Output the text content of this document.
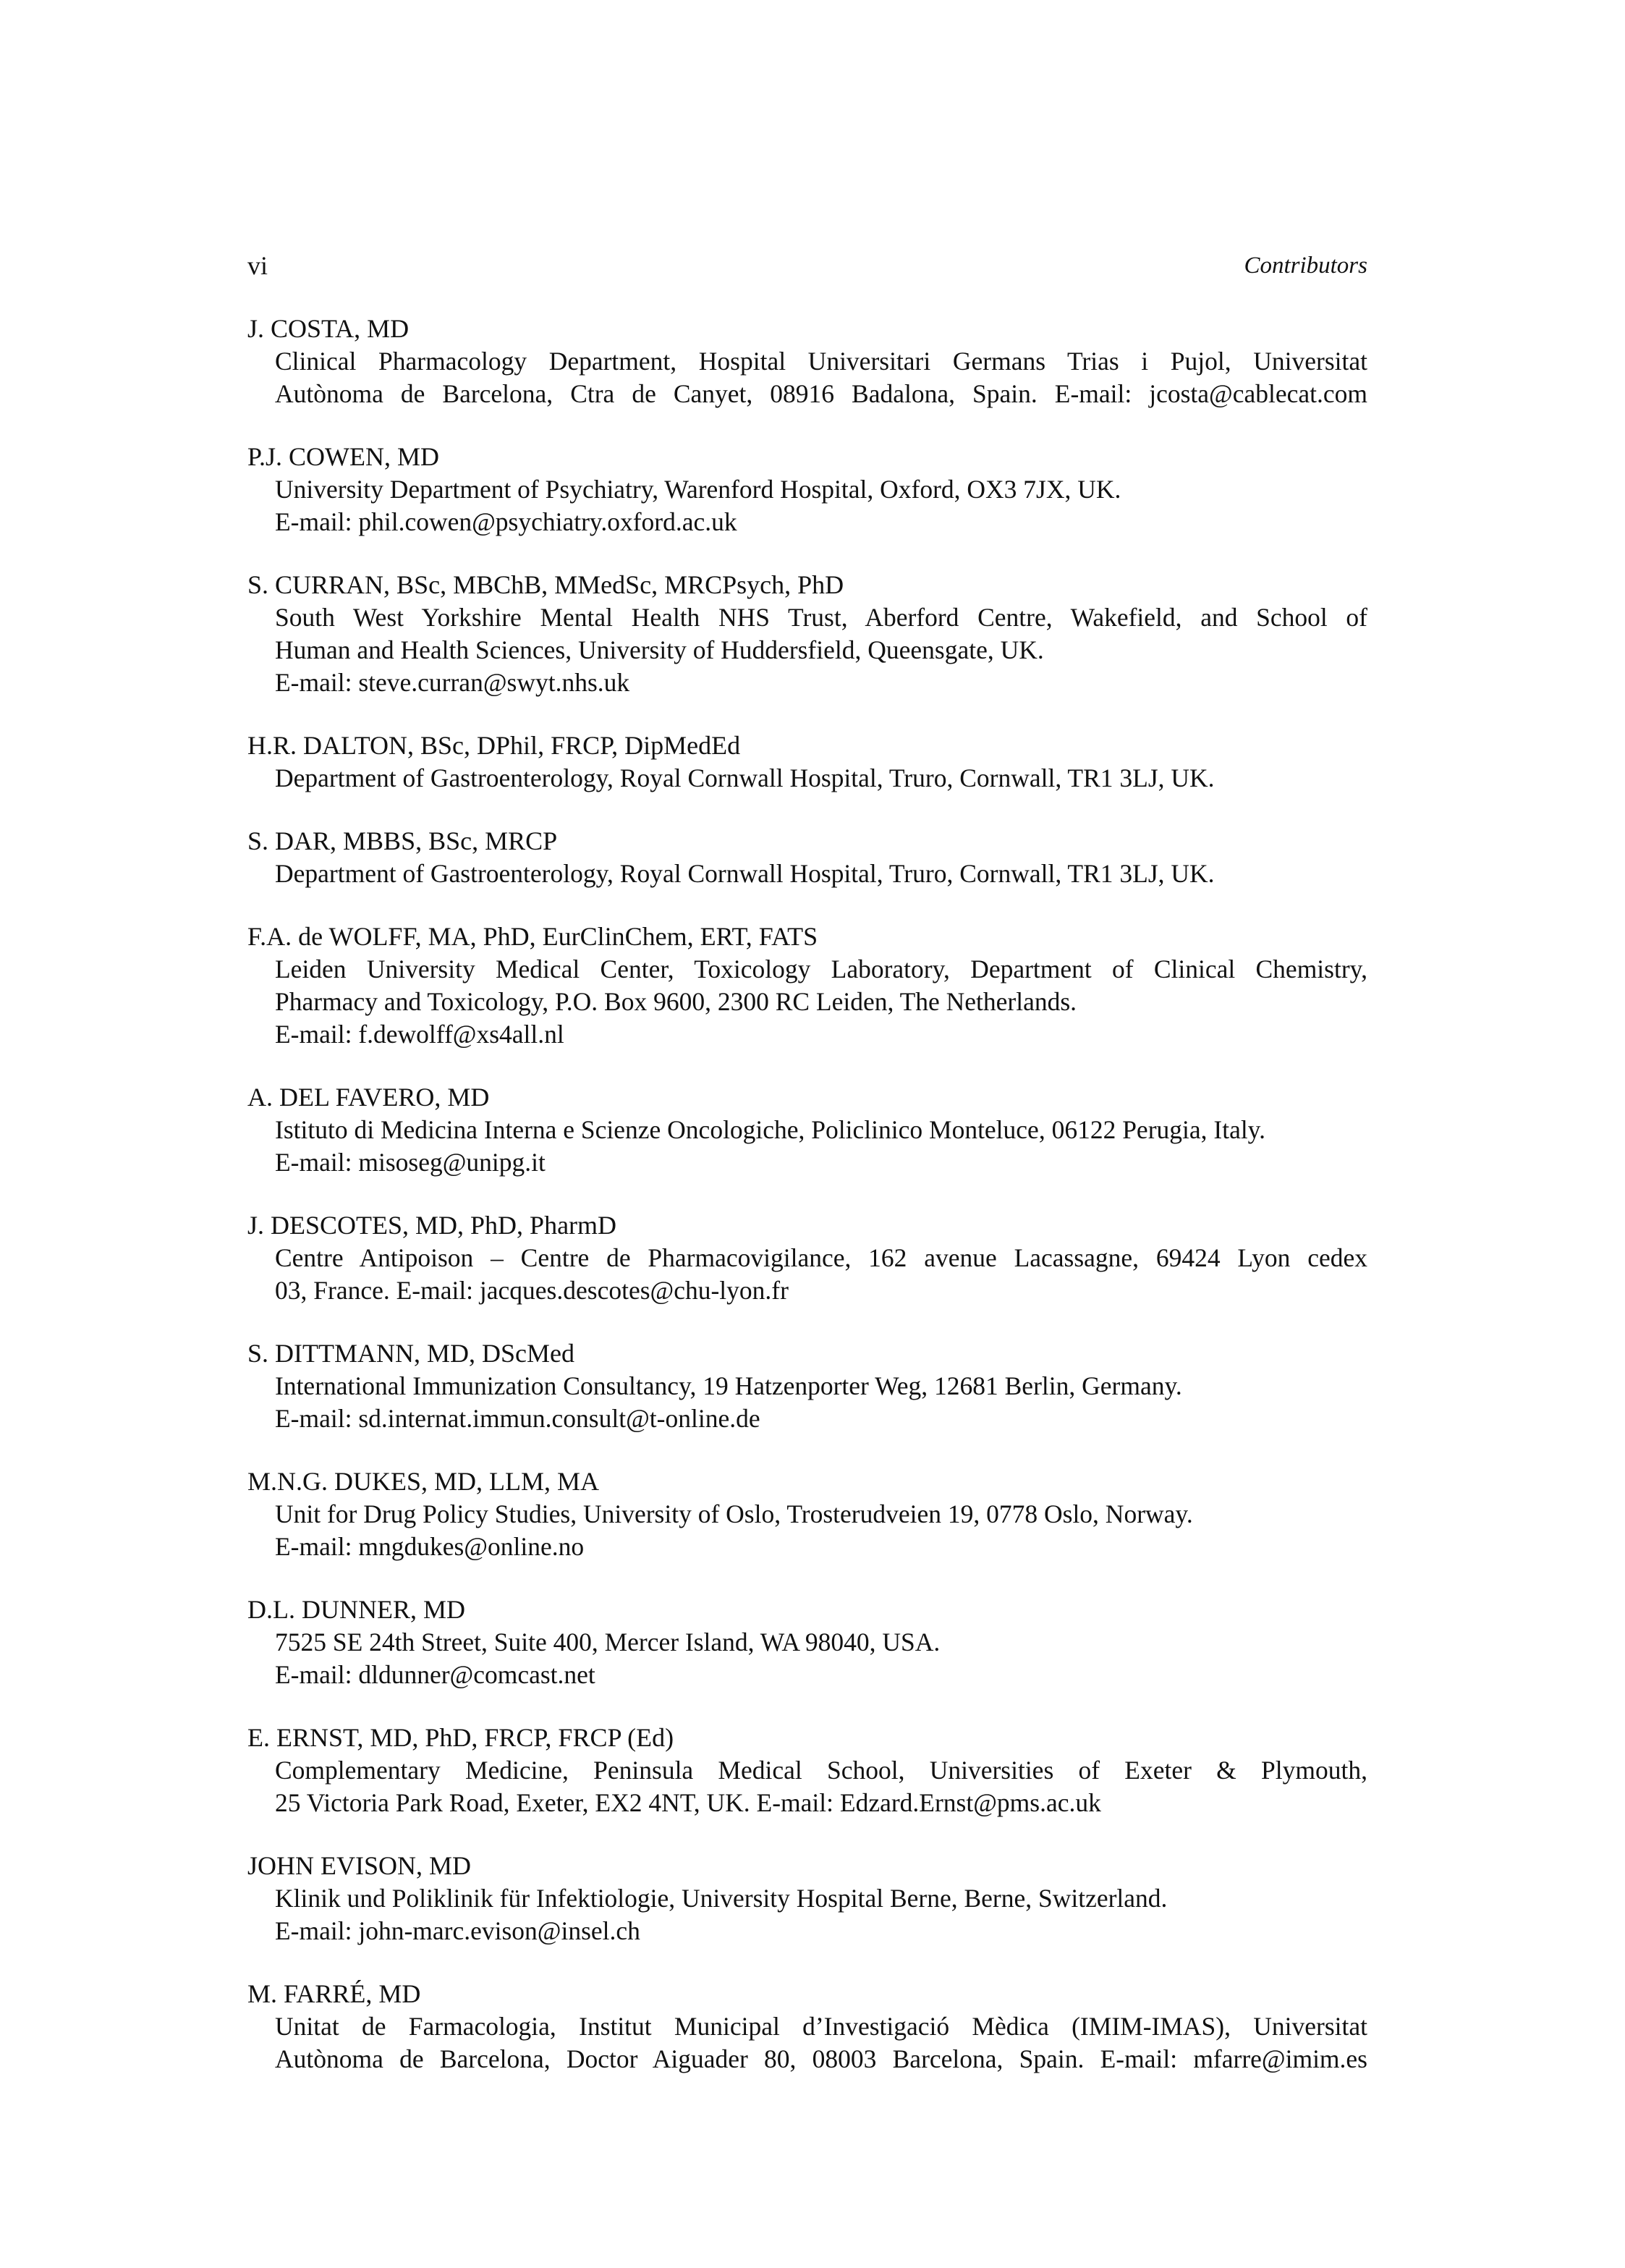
vi	Contributors
J. COSTA, MD
Clinical Pharmacology Department, Hospital Universitari Germans Trias i Pujol, Universitat
Autònoma de Barcelona, Ctra de Canyet, 08916 Badalona, Spain. E-mail: jcosta@cablecat.com
P.J. COWEN, MD
University Department of Psychiatry, Warenford Hospital, Oxford, OX3 7JX, UK.
E-mail: phil.cowen@psychiatry.oxford.ac.uk
S. CURRAN, BSc, MBChB, MMedSc, MRCPsych, PhD
South West Yorkshire Mental Health NHS Trust, Aberford Centre, Wakefield, and School of
Human and Health Sciences, University of Huddersfield, Queensgate, UK.
E-mail: steve.curran@swyt.nhs.uk
H.R. DALTON, BSc, DPhil, FRCP, DipMedEd
Department of Gastroenterology, Royal Cornwall Hospital, Truro, Cornwall, TR1 3LJ, UK.
S. DAR, MBBS, BSc, MRCP
Department of Gastroenterology, Royal Cornwall Hospital, Truro, Cornwall, TR1 3LJ, UK.
F.A. de WOLFF, MA, PhD, EurClinChem, ERT, FATS
Leiden University Medical Center, Toxicology Laboratory, Department of Clinical Chemistry,
Pharmacy and Toxicology, P.O. Box 9600, 2300 RC Leiden, The Netherlands.
E-mail: f.dewolff@xs4all.nl
A. DEL FAVERO, MD
Istituto di Medicina Interna e Scienze Oncologiche, Policlinico Monteluce, 06122 Perugia, Italy.
E-mail: misoseg@unipg.it
J. DESCOTES, MD, PhD, PharmD
Centre Antipoison – Centre de Pharmacovigilance, 162 avenue Lacassagne, 69424 Lyon cedex
03, France. E-mail: jacques.descotes@chu-lyon.fr
S. DITTMANN, MD, DScMed
International Immunization Consultancy, 19 Hatzenporter Weg, 12681 Berlin, Germany.
E-mail: sd.internat.immun.consult@t-online.de
M.N.G. DUKES, MD, LLM, MA
Unit for Drug Policy Studies, University of Oslo, Trosterudveien 19, 0778 Oslo, Norway.
E-mail: mngdukes@online.no
D.L. DUNNER, MD
7525 SE 24th Street, Suite 400, Mercer Island, WA 98040, USA.
E-mail: dldunner@comcast.net
E. ERNST, MD, PhD, FRCP, FRCP (Ed)
Complementary Medicine, Peninsula Medical School, Universities of Exeter & Plymouth,
25 Victoria Park Road, Exeter, EX2 4NT, UK. E-mail: Edzard.Ernst@pms.ac.uk
JOHN EVISON, MD
Klinik und Poliklinik für Infektiologie, University Hospital Berne, Berne, Switzerland.
E-mail: john-marc.evison@insel.ch
M. FARRÉ, MD
Unitat de Farmacologia, Institut Municipal d’Investigació Mèdica (IMIM-IMAS), Universitat
Autònoma de Barcelona, Doctor Aiguader 80, 08003 Barcelona, Spain. E-mail: mfarre@imim.es
